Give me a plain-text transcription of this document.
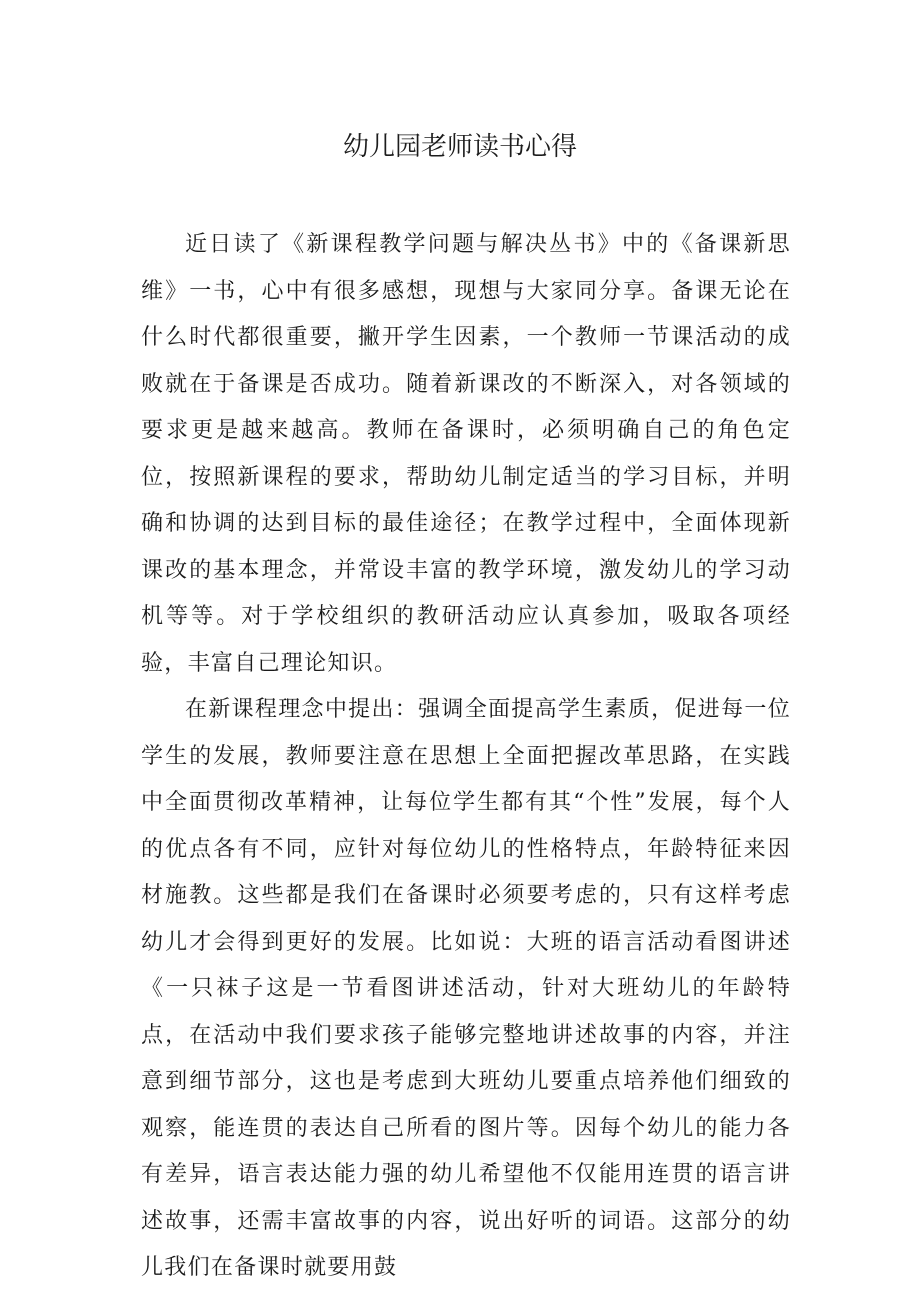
幼儿园老师读书心得

近日读了《新课程教学问题与解决丛书》中的《备课新思维》一书，心中有很多感想，现想与大家同分享。备课无论在什么时代都很重要，撇开学生因素，一个教师一节课活动的成败就在于备课是否成功。随着新课改的不断深入，对各领域的要求更是越来越高。教师在备课时，必须明确自己的角色定位，按照新课程的要求，帮助幼儿制定适当的学习目标，并明确和协调的达到目标的最佳途径；在教学过程中，全面体现新课改的基本理念，并常设丰富的教学环境，激发幼儿的学习动机等等。对于学校组织的教研活动应认真参加，吸取各项经验，丰富自己理论知识。

在新课程理念中提出：强调全面提高学生素质，促进每一位学生的发展，教师要注意在思想上全面把握改革思路，在实践中全面贯彻改革精神，让每位学生都有其“个性”发展，每个人的优点各有不同，应针对每位幼儿的性格特点，年龄特征来因材施教。这些都是我们在备课时必须要考虑的，只有这样考虑幼儿才会得到更好的发展。比如说：大班的语言活动看图讲述《一只袜子这是一节看图讲述活动，针对大班幼儿的年龄特点，在活动中我们要求孩子能够完整地讲述故事的内容，并注意到细节部分，这也是考虑到大班幼儿要重点培养他们细致的观察，能连贯的表达自己所看的图片等。因每个幼儿的能力各有差异，语言表达能力强的幼儿希望他不仅能用连贯的语言讲述故事，还需丰富故事的内容，说出好听的词语。这部分的幼儿我们在备课时就要用鼓
